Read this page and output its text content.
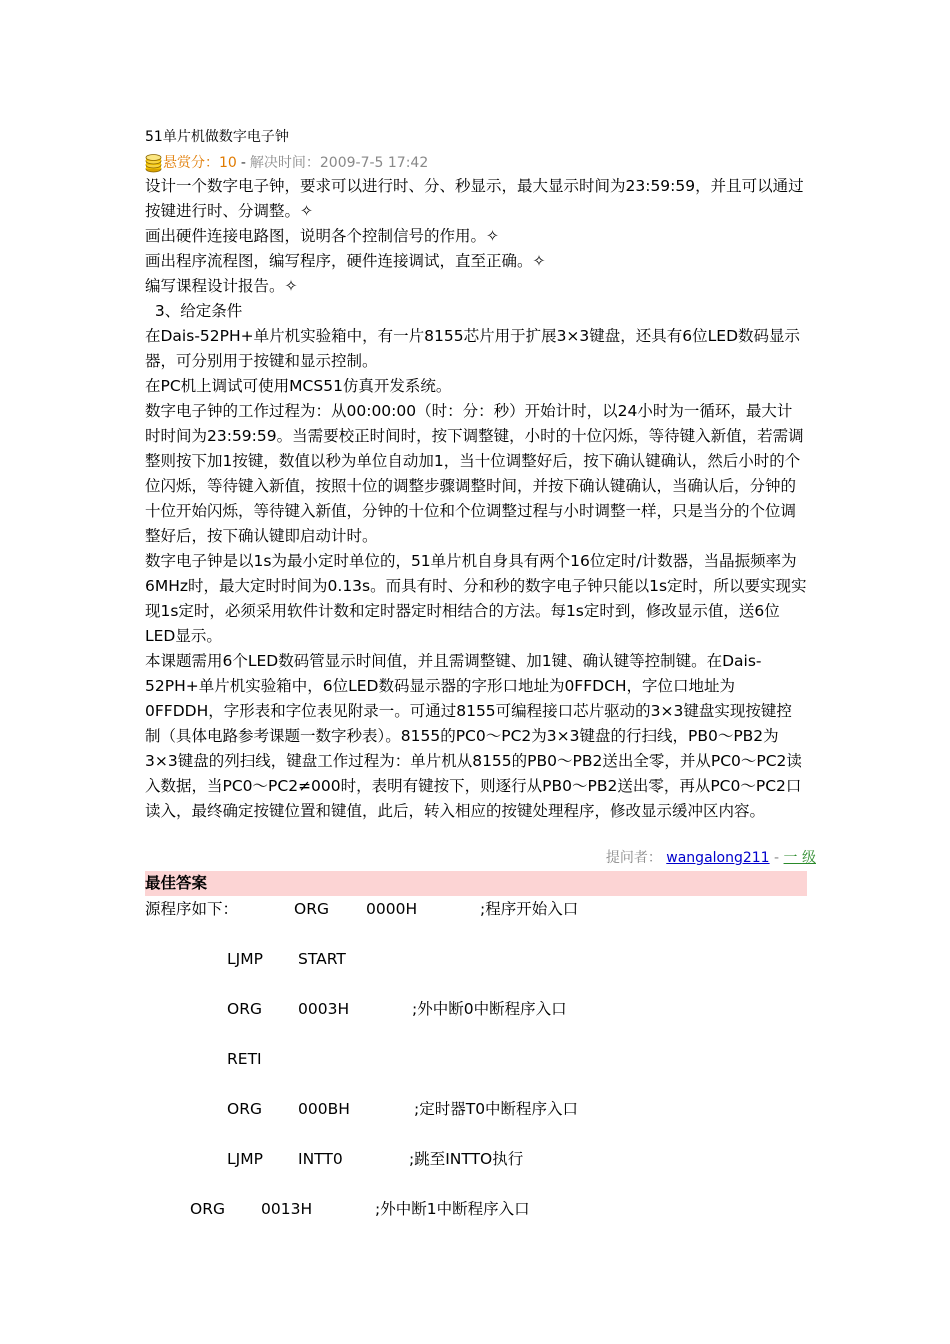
51单片机做数字电子钟
悬赏分： 10 - 解决时间：2009-7-5 17:42

设计一个数字电子钟，要求可以进行时、分、秒显示，最大显示时间为23:59:59，并且可以通过按键进行时、分调整。✧

画出硬件连接电路图，说明各个控制信号的作用。✧

画出程序流程图，编写程序，硬件连接调试，直至正确。✧

编写课程设计报告。✧

3、给定条件

在Dais-52PH+单片机实验箱中，有一片8155芯片用于扩展3×3键盘，还具有6位LED数码显示器，可分别用于按键和显示控制。

在PC机上调试可使用MCS51仿真开发系统。

数字电子钟的工作过程为：从00:00:00（时：分：秒）开始计时，以24小时为一循环，最大计时时间为23:59:59。当需要校正时间时，按下调整键，小时的十位闪烁，等待键入新值，若需调整则按下加1按键，数值以秒为单位自动加1，当十位调整好后，按下确认键确认，然后小时的个位闪烁，等待键入新值，按照十位的调整步骤调整时间，并按下确认键确认，当确认后，分钟的十位开始闪烁，等待键入新值，分钟的十位和个位调整过程与小时调整一样，只是当分的个位调整好后，按下确认键即启动计时。

数字电子钟是以1s为最小定时单位的，51单片机自身具有两个16位定时/计数器，当晶振频率为6MHz时，最大定时时间为0.13s。而具有时、分和秒的数字电子钟只能以1s定时，所以要实现实现1s定时，必须采用软件计数和定时器定时相结合的方法。每1s定时到，修改显示值，送6位LED显示。

本课题需用6个LED数码管显示时间值，并且需调整键、加1键、确认键等控制键。在Dais-52PH+单片机实验箱中，6位LED数码显示器的字形口地址为0FFDCH，字位口地址为0FFDDH，字形表和字位表见附录一。可通过8155可编程接口芯片驱动的3×3键盘实现按键控制（具体电路参考课题一数字秒表）。8155的PC0～PC2为3×3键盘的行扫线，PB0～PB2为3×3键盘的列扫线，键盘工作过程为：单片机从8155的PB0～PB2送出全零，并从PC0～PC2读入数据，当PC0～PC2≠000时，表明有键按下，则逐行从PB0～PB2送出零，再从PC0～PC2口读入，最终确定按键位置和键值，此后，转入相应的按键处理程序，修改显示缓冲区内容。

提问者： wangalong211 - 一 级
最佳答案
源程序如下：	ORG 0000H	;程序开始入口
LJMP START
ORG 0003H	;外中断0中断程序入口
RETI
ORG 000BH	;定时器T0中断程序入口
LJMP INTT0	;跳至INTTO执行
ORG 0013H	;外中断1中断程序入口
